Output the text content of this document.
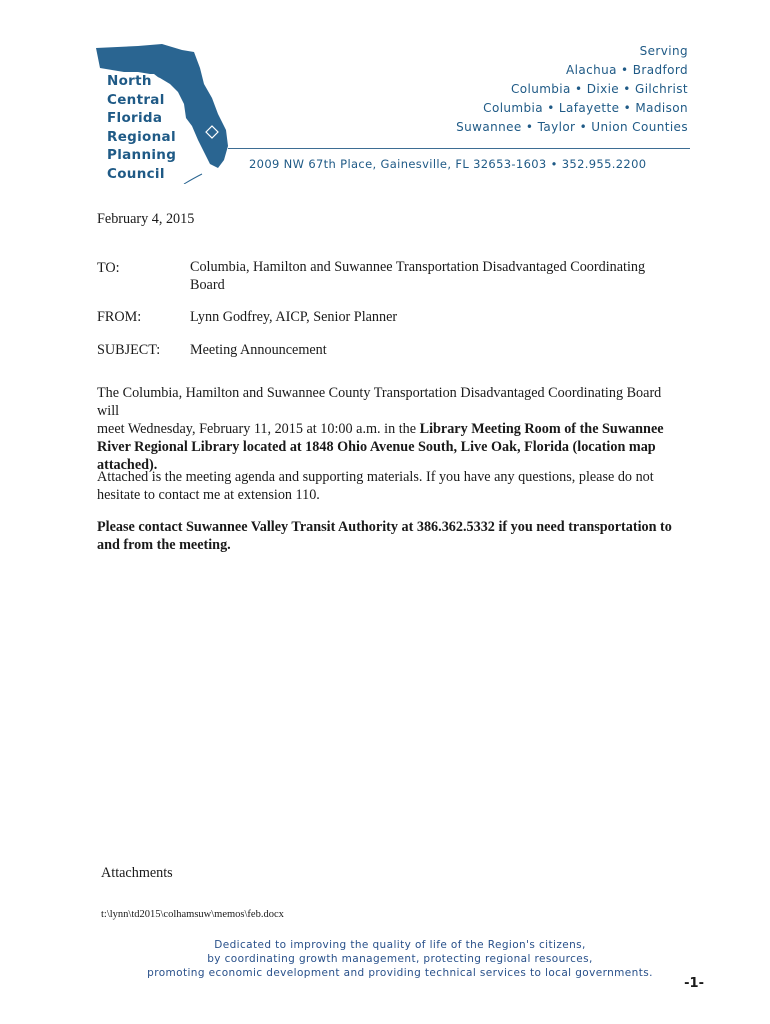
North
Central
Florida
Regional
Planning
Council
Serving
Alachua • Bradford
Columbia • Dixie • Gilchrist
Columbia • Lafayette • Madison
Suwannee • Taylor • Union Counties
2009 NW 67th Place, Gainesville, FL 32653-1603 • 352.955.2200
February 4, 2015
TO:	Columbia, Hamilton and Suwannee Transportation Disadvantaged Coordinating
Board
FROM:	Lynn Godfrey, AICP, Senior Planner
SUBJECT: Meeting Announcement
The Columbia, Hamilton and Suwannee County Transportation Disadvantaged Coordinating Board will
meet Wednesday, February 11, 2015 at 10:00 a.m. in the Library Meeting Room of the Suwannee
River Regional Library located at 1848 Ohio Avenue South, Live Oak, Florida (location map
attached).
Attached is the meeting agenda and supporting materials. If you have any questions, please do not
hesitate to contact me at extension 110.
Please contact Suwannee Valley Transit Authority at 386.362.5332 if you need transportation to
and from the meeting.
Attachments
t:\lynn\td2015\colhamsuw\memos\feb.docx
Dedicated to improving the quality of life of the Region's citizens,
by coordinating growth management, protecting regional resources,
promoting economic development and providing technical services to local governments.
-1-
